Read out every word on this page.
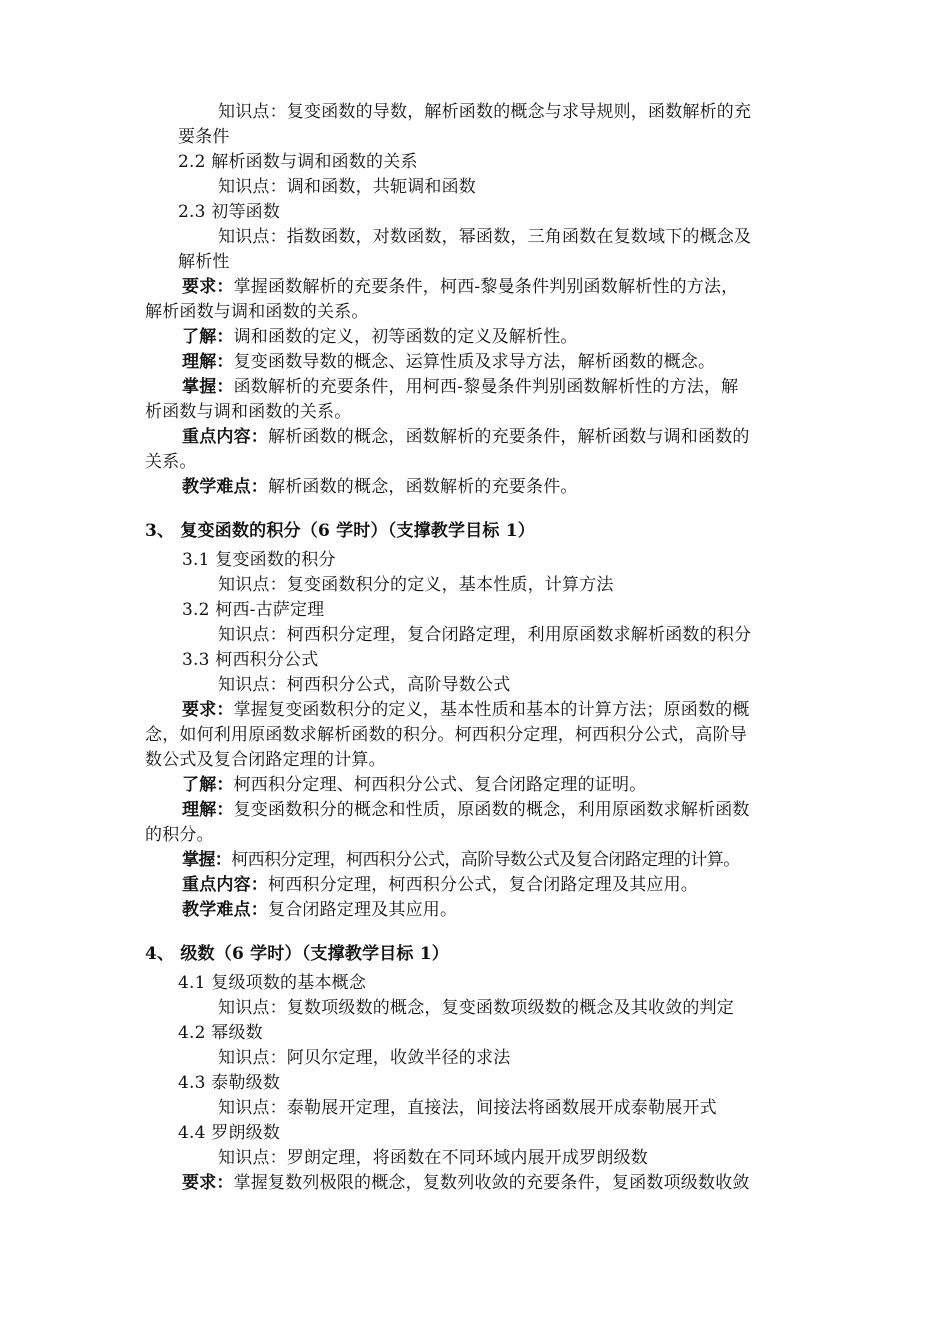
知识点：复变函数的导数，解析函数的概念与求导规则，函数解析的充
要条件
2.2 解析函数与调和函数的关系
知识点：调和函数，共轭调和函数
2.3 初等函数
知识点：指数函数，对数函数，幂函数，三角函数在复数域下的概念及
解析性
要求：掌握函数解析的充要条件，柯西-黎曼条件判别函数解析性的方法，
解析函数与调和函数的关系。
了解：调和函数的定义，初等函数的定义及解析性。
理解：复变函数导数的概念、运算性质及求导方法，解析函数的概念。
掌握：函数解析的充要条件，用柯西-黎曼条件判别函数解析性的方法，解
析函数与调和函数的关系。
重点内容：解析函数的概念，函数解析的充要条件，解析函数与调和函数的
关系。
教学难点：解析函数的概念，函数解析的充要条件。
3、 复变函数的积分（6 学时）（支撑教学目标 1）
3.1 复变函数的积分
知识点：复变函数积分的定义，基本性质，计算方法
3.2 柯西-古萨定理
知识点：柯西积分定理，复合闭路定理，利用原函数求解析函数的积分
3.3 柯西积分公式
知识点：柯西积分公式，高阶导数公式
要求：掌握复变函数积分的定义，基本性质和基本的计算方法；原函数的概
念，如何利用原函数求解析函数的积分。柯西积分定理，柯西积分公式，高阶导
数公式及复合闭路定理的计算。
了解：柯西积分定理、柯西积分公式、复合闭路定理的证明。
理解：复变函数积分的概念和性质，原函数的概念，利用原函数求解析函数
的积分。
掌握：柯西积分定理，柯西积分公式，高阶导数公式及复合闭路定理的计算。
重点内容：柯西积分定理，柯西积分公式，复合闭路定理及其应用。
教学难点：复合闭路定理及其应用。
4、 级数（6 学时）（支撑教学目标 1）
4.1 复级项数的基本概念
知识点：复数项级数的概念，复变函数项级数的概念及其收敛的判定
4.2 幂级数
知识点：阿贝尔定理，收敛半径的求法
4.3 泰勒级数
知识点：泰勒展开定理，直接法，间接法将函数展开成泰勒展开式
4.4 罗朗级数
知识点：罗朗定理，将函数在不同环域内展开成罗朗级数
要求：掌握复数列极限的概念，复数列收敛的充要条件，复函数项级数收敛
